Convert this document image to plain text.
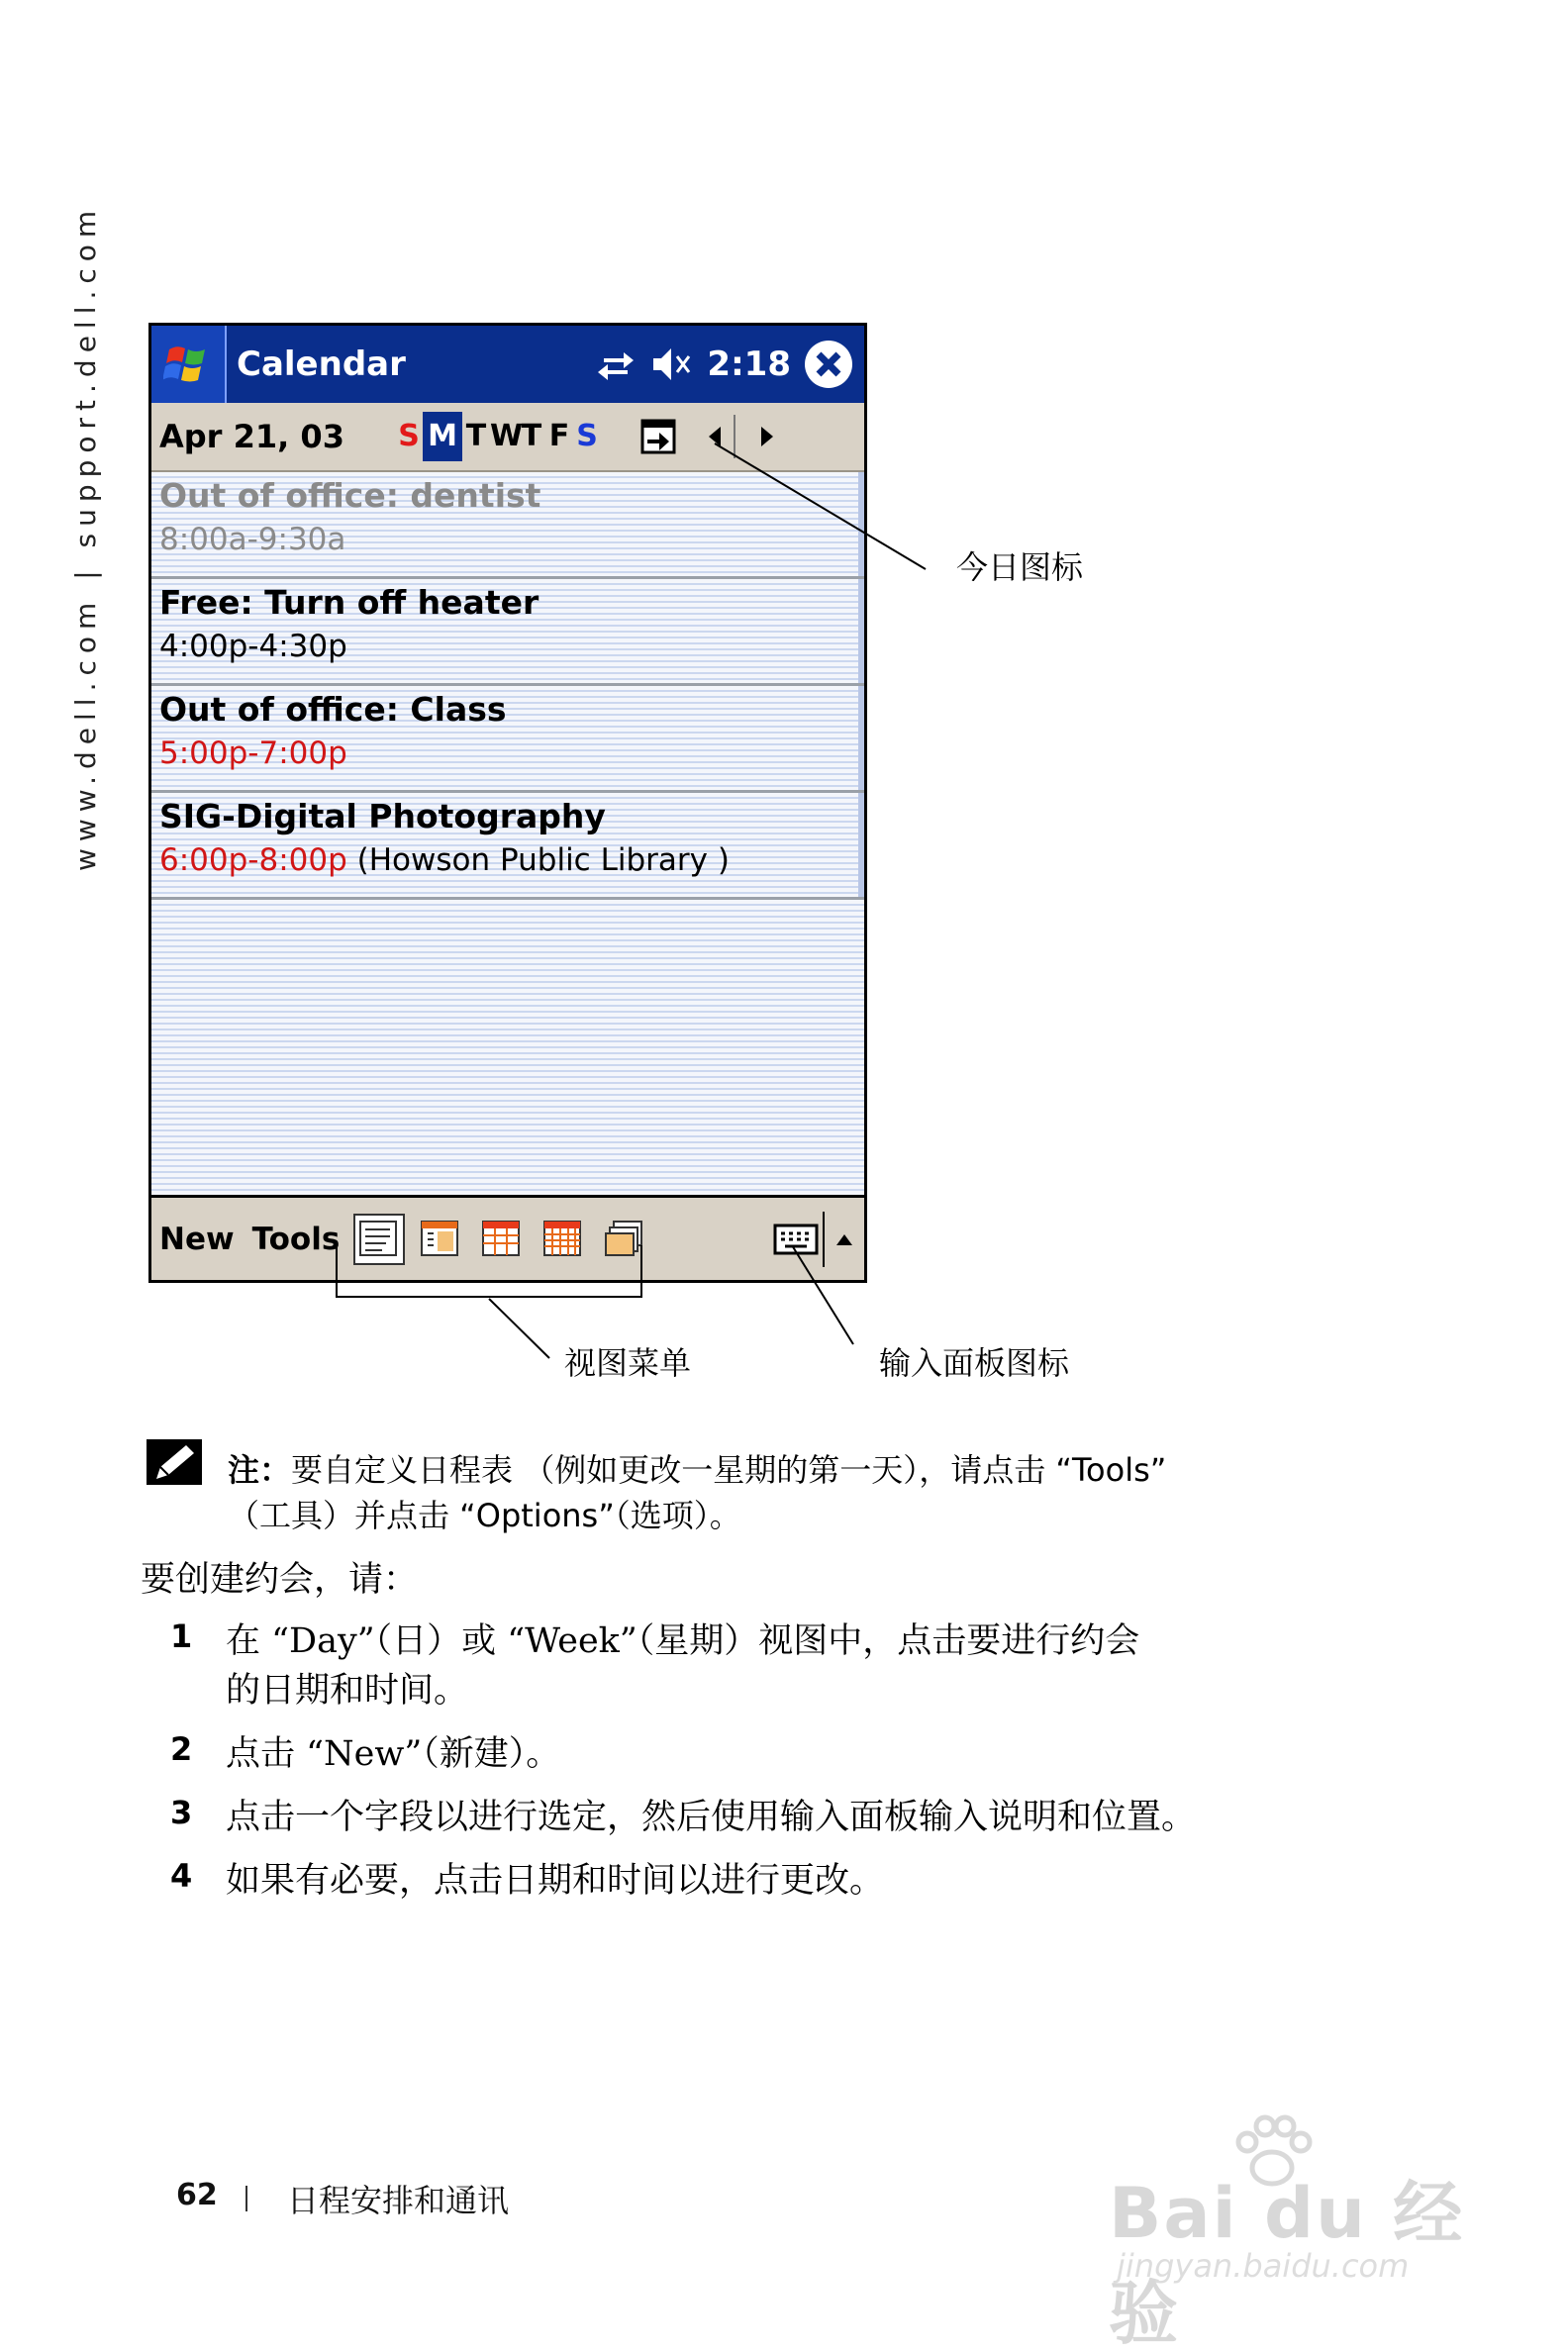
www.dell.com | support.dell.com	Calendar	2:18
Apr 21, 03	S M T W
T F S
Out of office: dentist
8:00a-9:30a
Free: Turn off heater
4:00p-4:30p
Out of office: Class
5:00p-7:00p
SIG-Digital Photography
6:00p-8:00p (Howson Public Library )
New Tools
今日图标
视图菜单	输入面板图标
注：要自定义日程表 （例如更改一星期的第一天），请点击 “Tools”
（工具）并点击 “Options”（选项）。
要创建约会，请：
1 在 “Day”（日）或 “Week”（星期）视图中，点击要进行约会
的日期和时间。
2 点击 “New”（新建）。
3 点击一个字段以进行选定，然后使用输入面板输入说明和位置。
4 如果有必要，点击日期和时间以进行更改。
62 日程安排和通讯	Bai du 经验
jingyan.baidu.com
